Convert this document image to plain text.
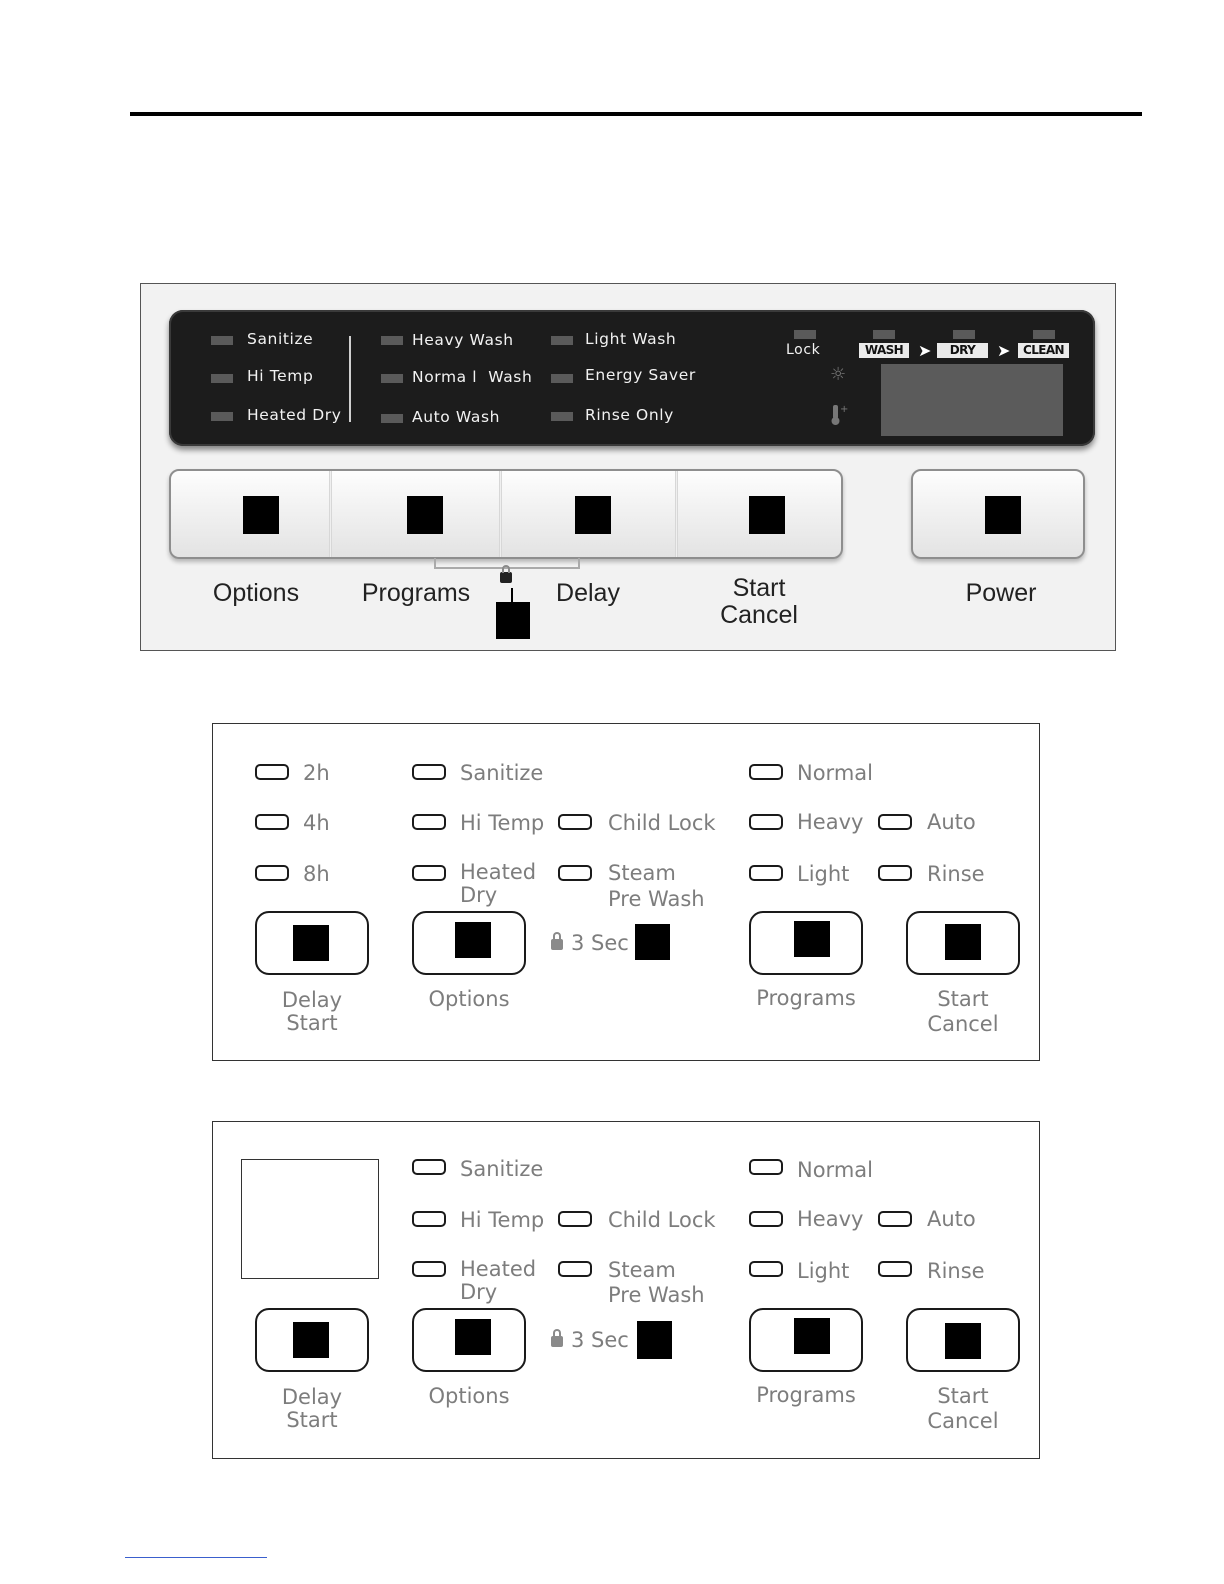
Sanitize
Hi Temp
Heated Dry
Heavy Wash
Norma l  Wash
Auto Wash
Light Wash
Energy Saver
Rinse Only
Lock	WASH ➤	DRY	➤	CLEAN
☼
+
Options	Programs	Delay	Start
Cancel
Power
2h
4h
8h
Sanitize
Hi Temp
Heated
Dry
Child Lock
Steam
Pre Wash
Normal
Heavy
Light
Auto
Rinse
3 Sec
Delay
Start
Options	Programs	Start
Cancel
Sanitize
Hi Temp
Heated
Dry
Child Lock
Steam
Pre Wash
Normal
Heavy
Light
Auto
Rinse
3 Sec
Delay
Start
Options	Programs	Start
Cancel
